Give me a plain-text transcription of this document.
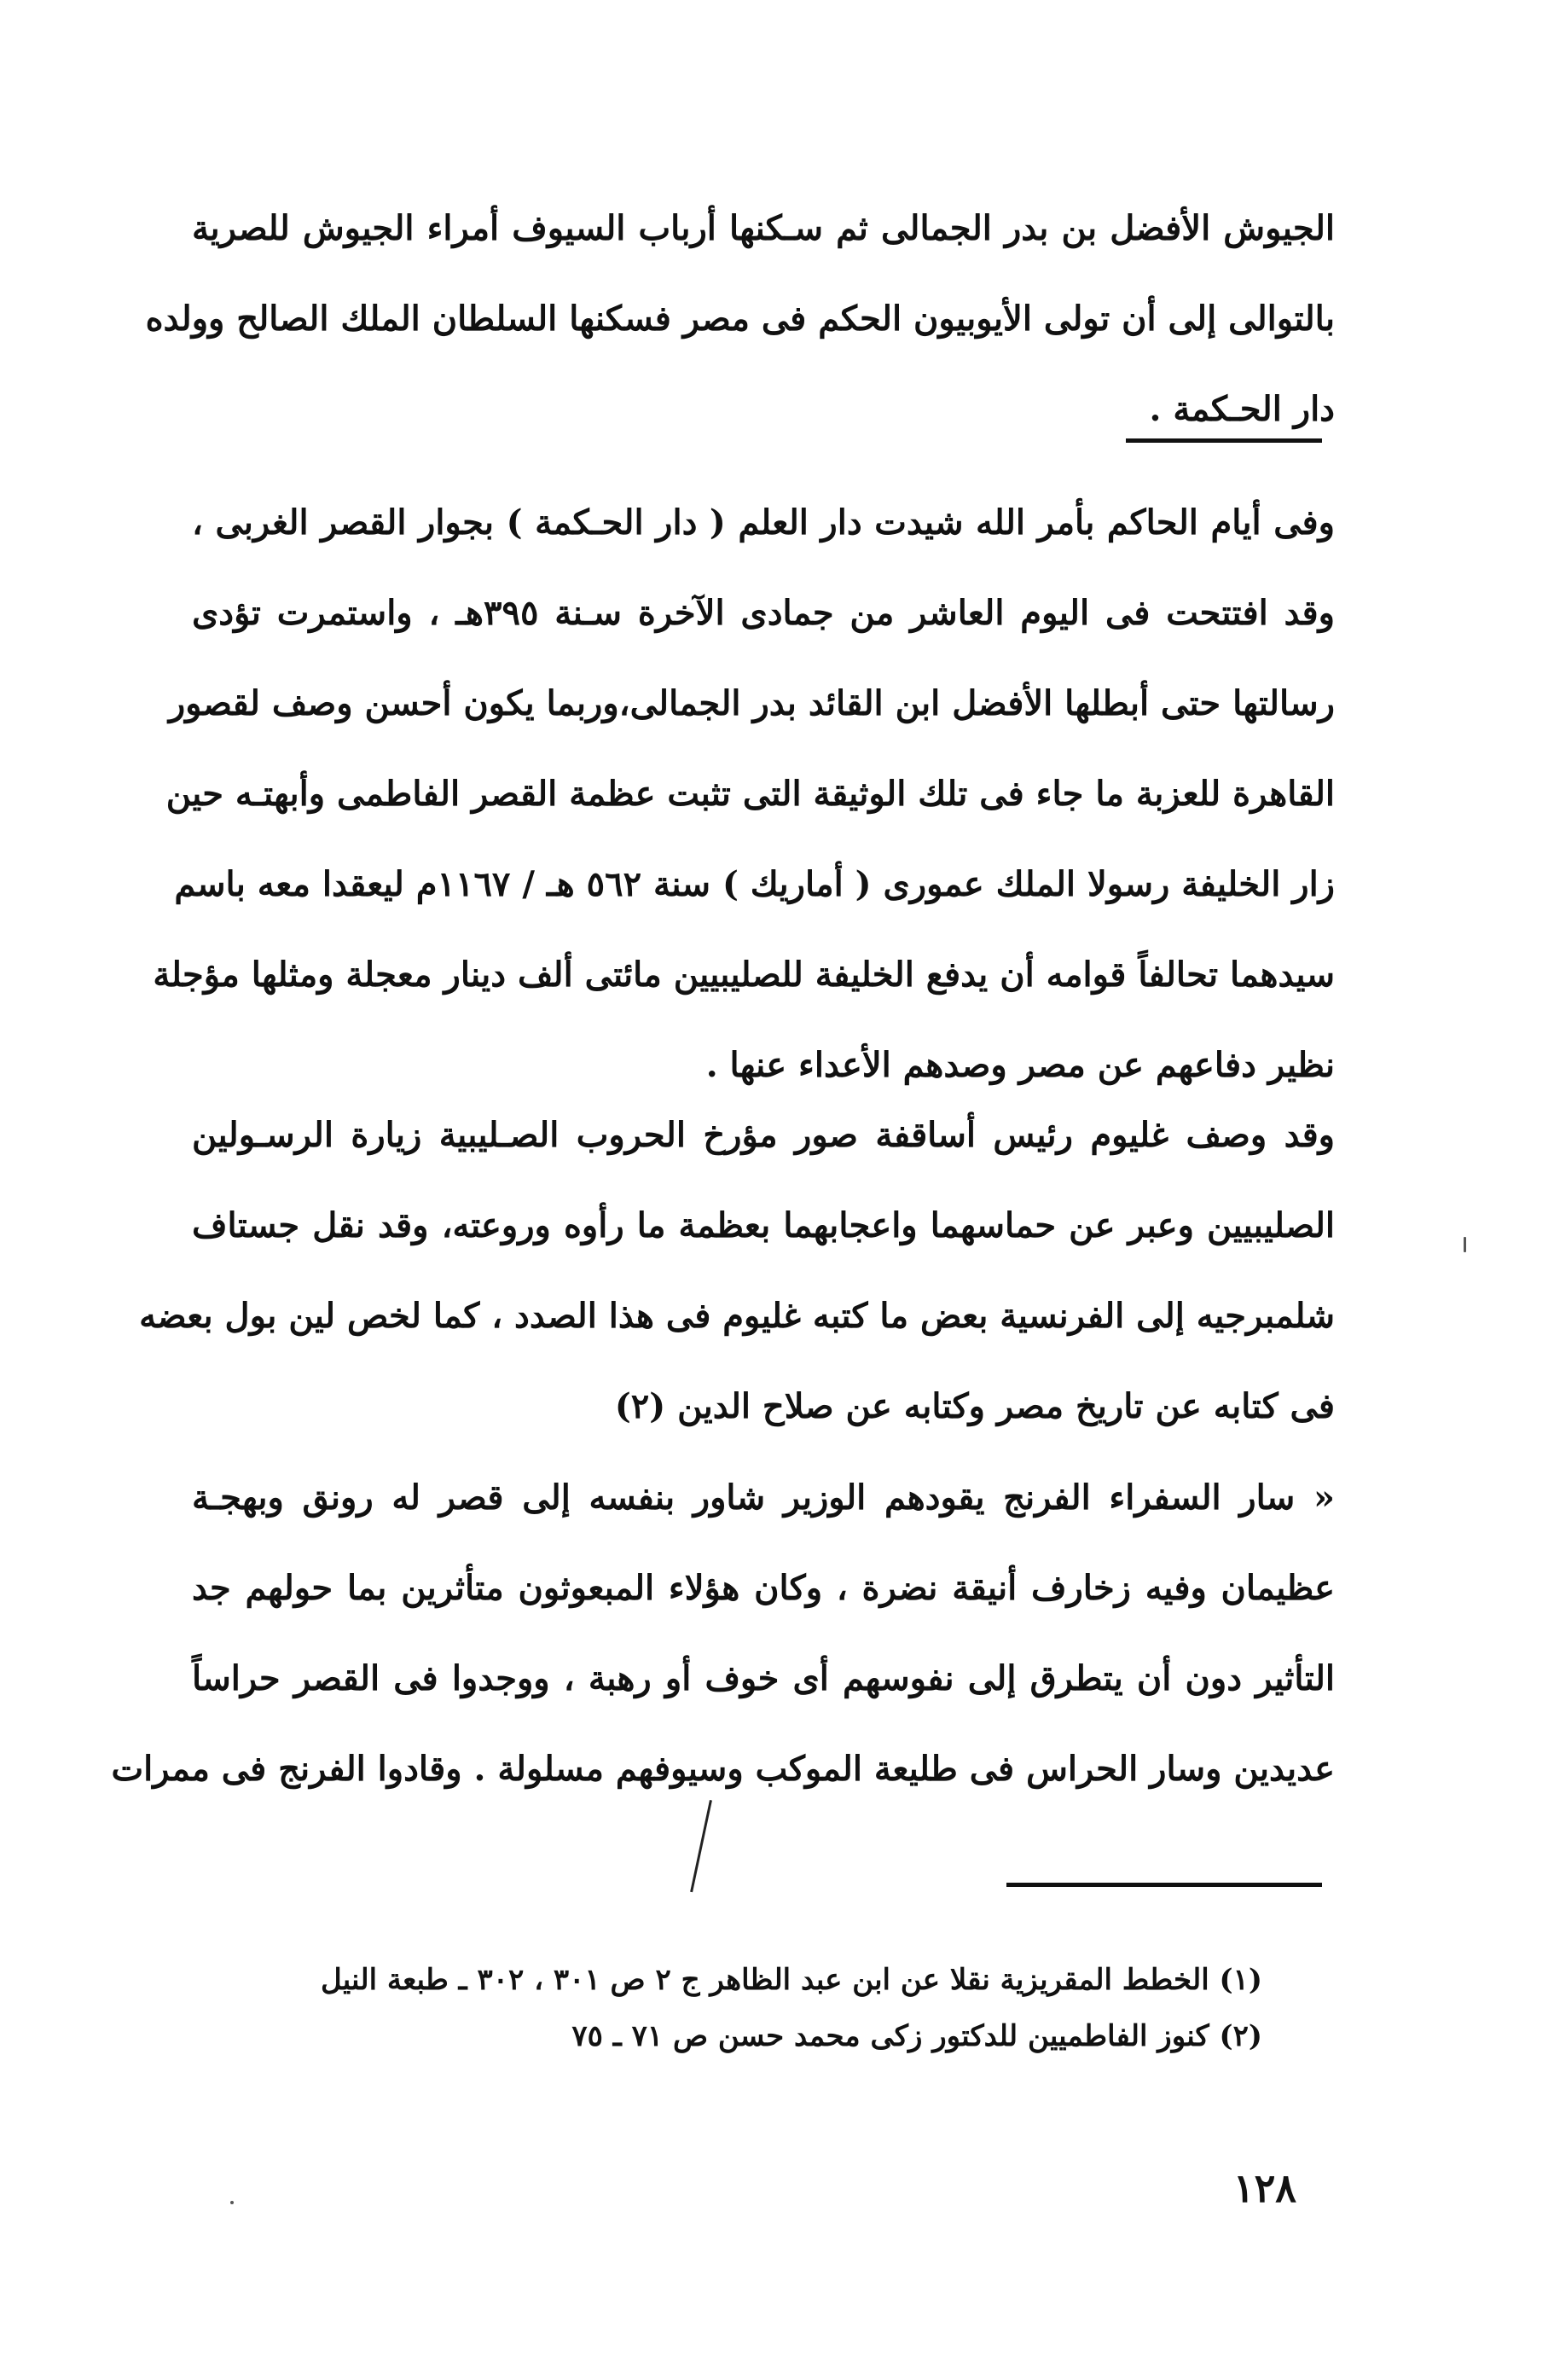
الجيوش الأفضل بن بدر الجمالى ثم سـكنها أرباب السيوف أمراء الجيوش للصرية
بالتوالى إلى أن تولى الأيوبيون الحكم فى مصر فسكنها السلطان الملك الصالح وولده
دار الحـكمة .
وفى أيام الحاكم بأمر الله شيدت دار العلم ( دار الحـكمة ) بجوار القصر الغربى ،
وقد افتتحت فى اليوم العاشر من جمادى الآخرة سـنة ٣٩٥هـ ، واستمرت تؤدى
رسالتها حتى أبطلها الأفضل ابن القائد بدر الجمالى،وربما يكون أحسن وصف لقصور
القاهرة للعزبة ما جاء فى تلك الوثيقة التى تثبت عظمة القصر الفاطمى وأبهتـه حين
زار الخليفة رسولا الملك عمورى ( أماريك ) سنة ٥٦٢ هـ / ١١٦٧م ليعقدا معه باسم
سيدهما تحالفاً قوامه أن يدفع الخليفة للصليبيين مائتى ألف دينار معجلة ومثلها مؤجلة
نظير دفاعهم عن مصر وصدهم الأعداء عنها .
وقد وصف غليوم رئيس أساقفة صور مؤرخ الحروب الصـليبية زيارة الرسـولين
الصليبيين وعبر عن حماسهما واعجابهما بعظمة ما رأوه وروعته، وقد نقل جستاف
شلمبرجيه إلى الفرنسية بعض ما كتبه غليوم فى هذا الصدد ، كما لخص لين بول بعضه
فى كتابه عن تاريخ مصر وكتابه عن صلاح الدين (٢)
« سار السفراء الفرنج يقودهم الوزير شاور بنفسه إلى قصر له رونق وبهجـة
عظيمان وفيه زخارف أنيقة نضرة ، وكان هؤلاء المبعوثون متأثرين بما حولهم جد
التأثير دون أن يتطرق إلى نفوسهم أى خوف أو رهبة ، ووجدوا فى القصر حراساً
عديدين وسار الحراس فى طليعة الموكب وسيوفهم مسلولة . وقادوا الفرنج فى ممرات
(١) الخطط المقريزية نقلا عن ابن عبد الظاهر ج ٢ ص ٣٠١ ، ٣٠٢ ـ طبعة النيل
(٢) كنوز الفاطميين للدكتور زكى محمد حسن ص ٧١ ـ ٧٥
١٢٨
